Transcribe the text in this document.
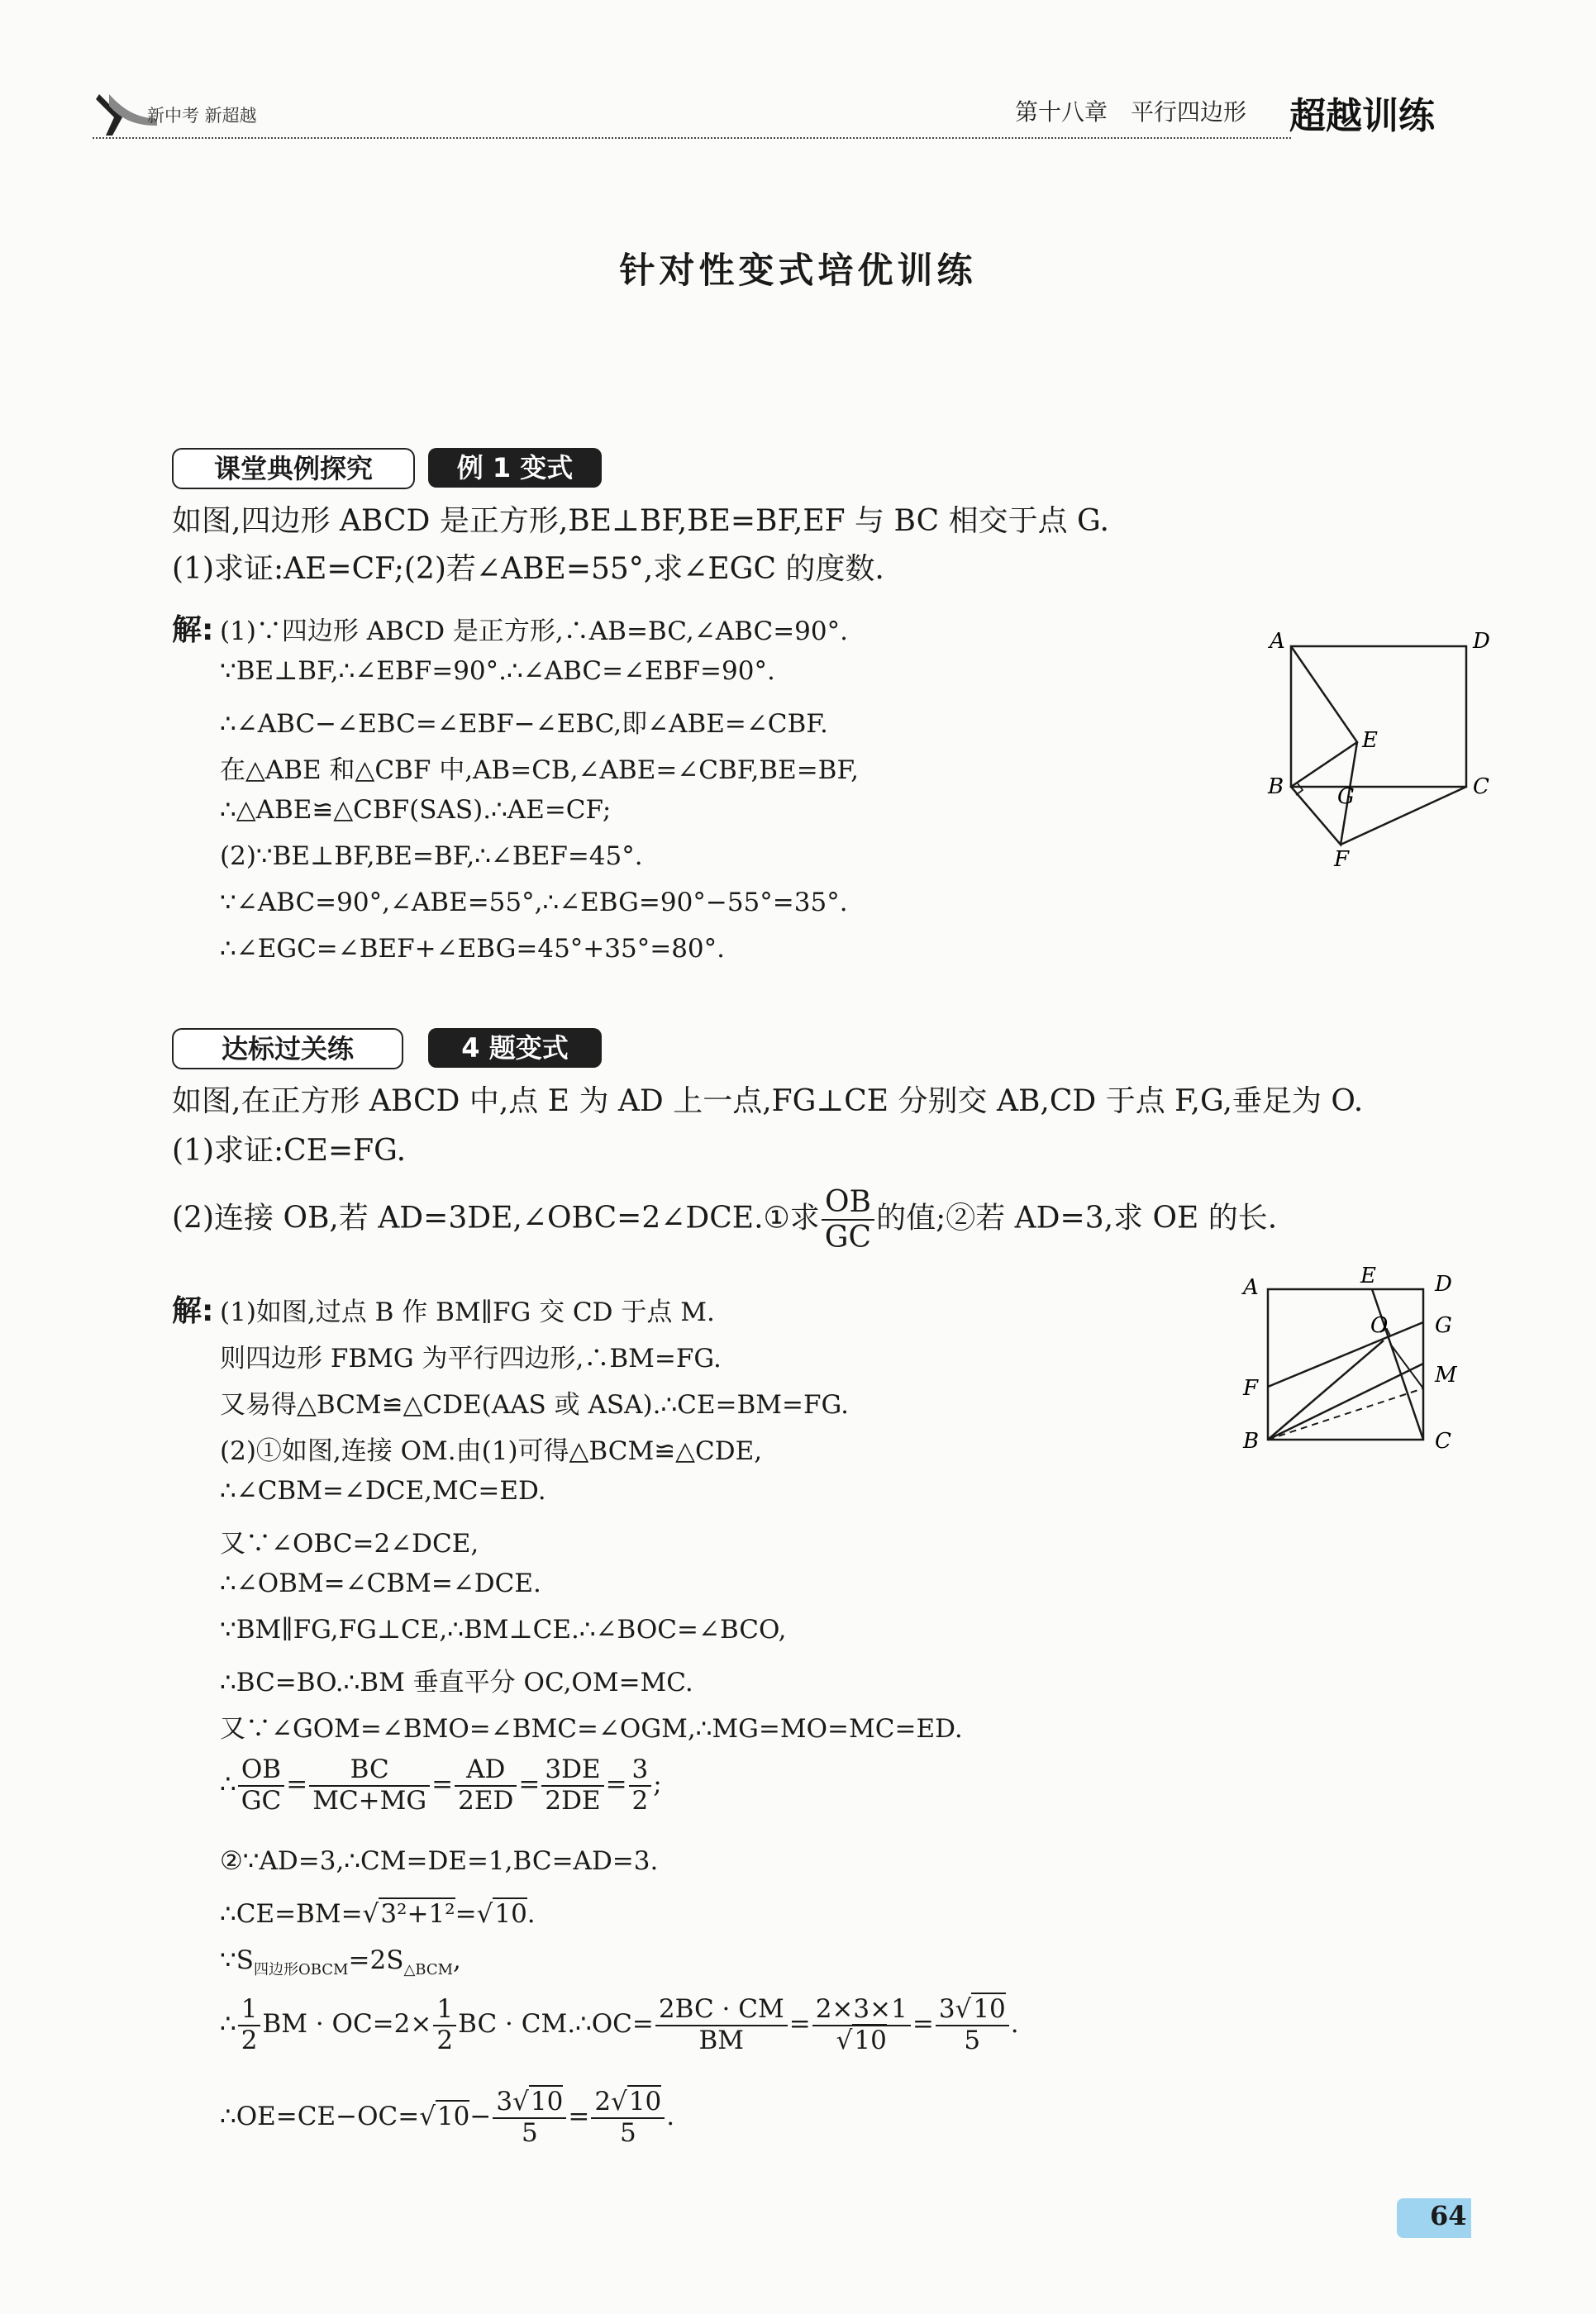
新中考 新超越	第十八章　平行四边形 超越训练
针对性变式培优训练
课堂典例探究	例 1 变式
如图,四边形 ABCD 是正方形,BE⊥BF,BE=BF,EF 与 BC 相交于点 G.
(1)求证:AE=CF;(2)若∠ABE=55°,求∠EGC 的度数.
解: (1)∵四边形 ABCD 是正方形,∴AB=BC,∠ABC=90°.
∵BE⊥BF,∴∠EBF=90°.∴∠ABC=∠EBF=90°.
∴∠ABC−∠EBC=∠EBF−∠EBC,即∠ABE=∠CBF.
在△ABE 和△CBF 中,AB=CB,∠ABE=∠CBF,BE=BF,
∴△ABE≌△CBF(SAS).∴AE=CF;
(2)∵BE⊥BF,BE=BF,∴∠BEF=45°.
∵∠ABC=90°,∠ABE=55°,∴∠EBG=90°−55°=35°.
∴∠EGC=∠BEF+∠EBG=45°+35°=80°.
A	D
E
B G	C
F
达标过关练	4 题变式
如图,在正方形 ABCD 中,点 E 为 AD 上一点,FG⊥CE 分别交 AB,CD 于点 F,G,垂足为 O.
(1)求证:CE=FG.
(2)连接 OB,若 AD=3DE,∠OBC=2∠DCE.①求 $\frac{OB}{GC}$ 的值;②若 AD=3,求 OE 的长.
解: (1)如图,过点 B 作 BM∥FG 交 CD 于点 M.
则四边形 FBMG 为平行四边形,∴BM=FG.
又易得△BCM≌△CDE(AAS 或 ASA).∴CE=BM=FG.
(2)①如图,连接 OM.由(1)可得△BCM≌△CDE,
∴∠CBM=∠DCE,MC=ED.
又∵∠OBC=2∠DCE,
∴∠OBM=∠CBM=∠DCE.
∵BM∥FG,FG⊥CE,∴BM⊥CE.∴∠BOC=∠BCO,
∴BC=BO.∴BM 垂直平分 OC,OM=MC.
又∵∠GOM=∠BMO=∠BMC=∠OGM,∴MG=MO=MC=ED.
∴ $\frac{OB}{GC} = \frac{BC}{MC+MG} = \frac{AD}{2ED} = \frac{3DE}{2DE} = \frac{3}{2}$ ;
②∵AD=3,∴CM=DE=1,BC=AD=3.
∴CE=BM=√3²+1²=√10.
$\because S_{四边形OBCM}=2S_{\triangle BCM}$,
∴ $\frac{1}{2}$ BM · $OC=2\times \frac{1}{2}$ BC · CM.∴OC= $\frac{2BC \cdot CM}{BM} = \frac{2\times 3\times 1}{√10} = \frac{3√10}{5}$ .
∴OE=CE−OC=√10− $\frac{3√10}{5} = \frac{2√10}{5}$ .
A	E	D
O G
M
F
B	C
64
